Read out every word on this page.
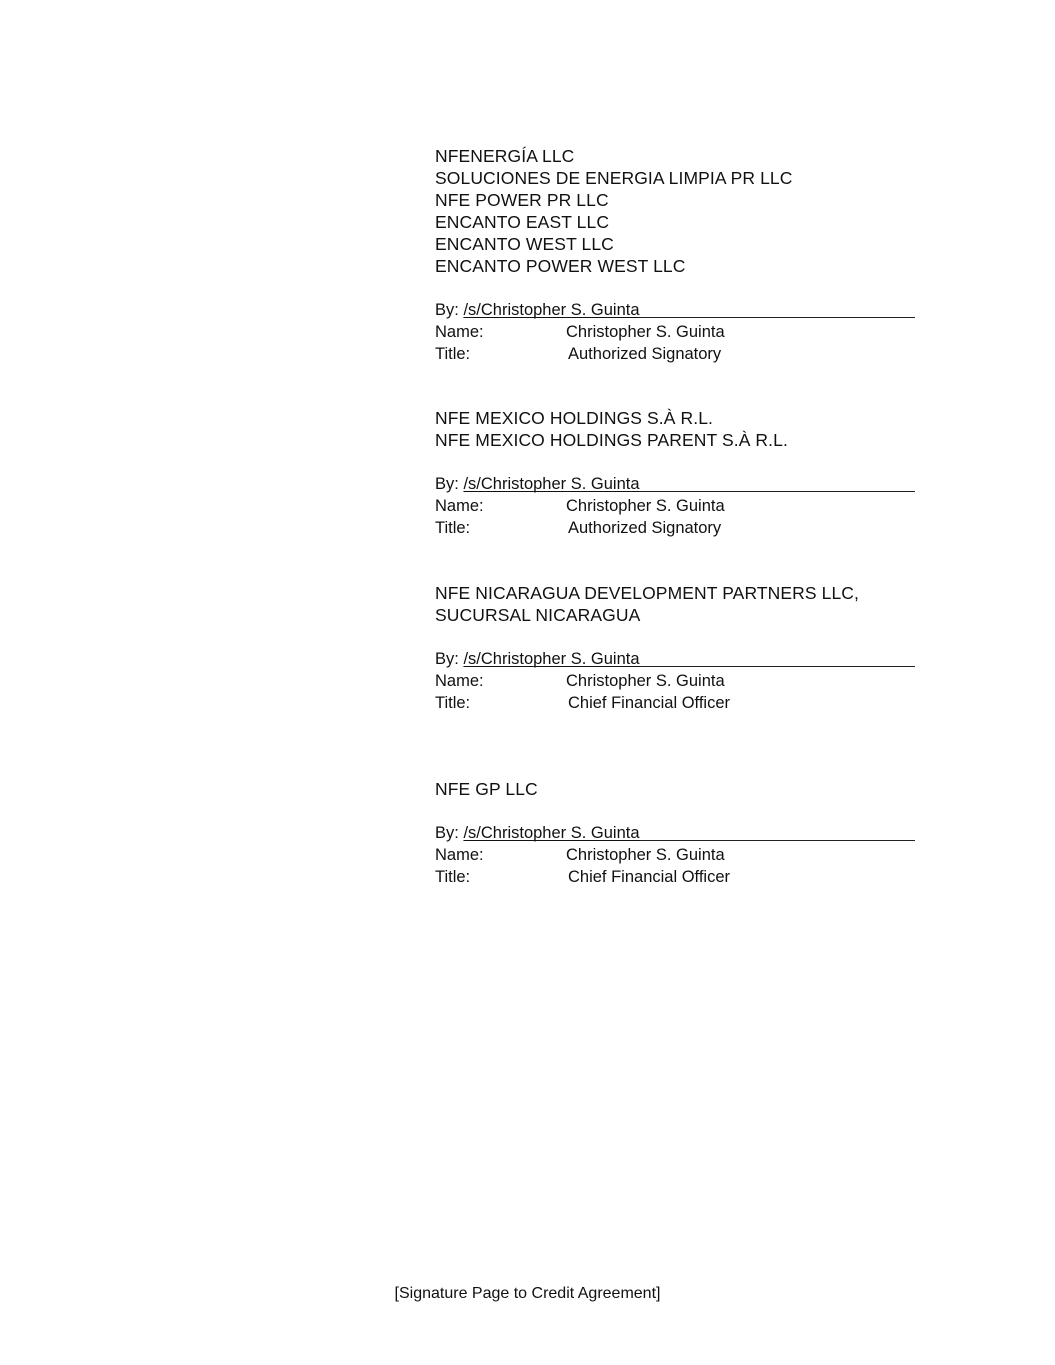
NFENERGÍA LLC
SOLUCIONES DE ENERGIA LIMPIA PR LLC
NFE POWER PR LLC
ENCANTO EAST LLC
ENCANTO WEST LLC
ENCANTO POWER WEST LLC
By: /s/Christopher S. Guinta
Name:	Christopher S. Guinta
Title:	Authorized Signatory
NFE MEXICO HOLDINGS S.À R.L.
NFE MEXICO HOLDINGS PARENT S.À R.L.
By: /s/Christopher S. Guinta
Name:	Christopher S. Guinta
Title:	Authorized Signatory
NFE NICARAGUA DEVELOPMENT PARTNERS LLC,
SUCURSAL NICARAGUA
By: /s/Christopher S. Guinta
Name:	Christopher S. Guinta
Title:	Chief Financial Officer
NFE GP LLC
By: /s/Christopher S. Guinta
Name:	Christopher S. Guinta
Title:	Chief Financial Officer
[Signature Page to Credit Agreement]
